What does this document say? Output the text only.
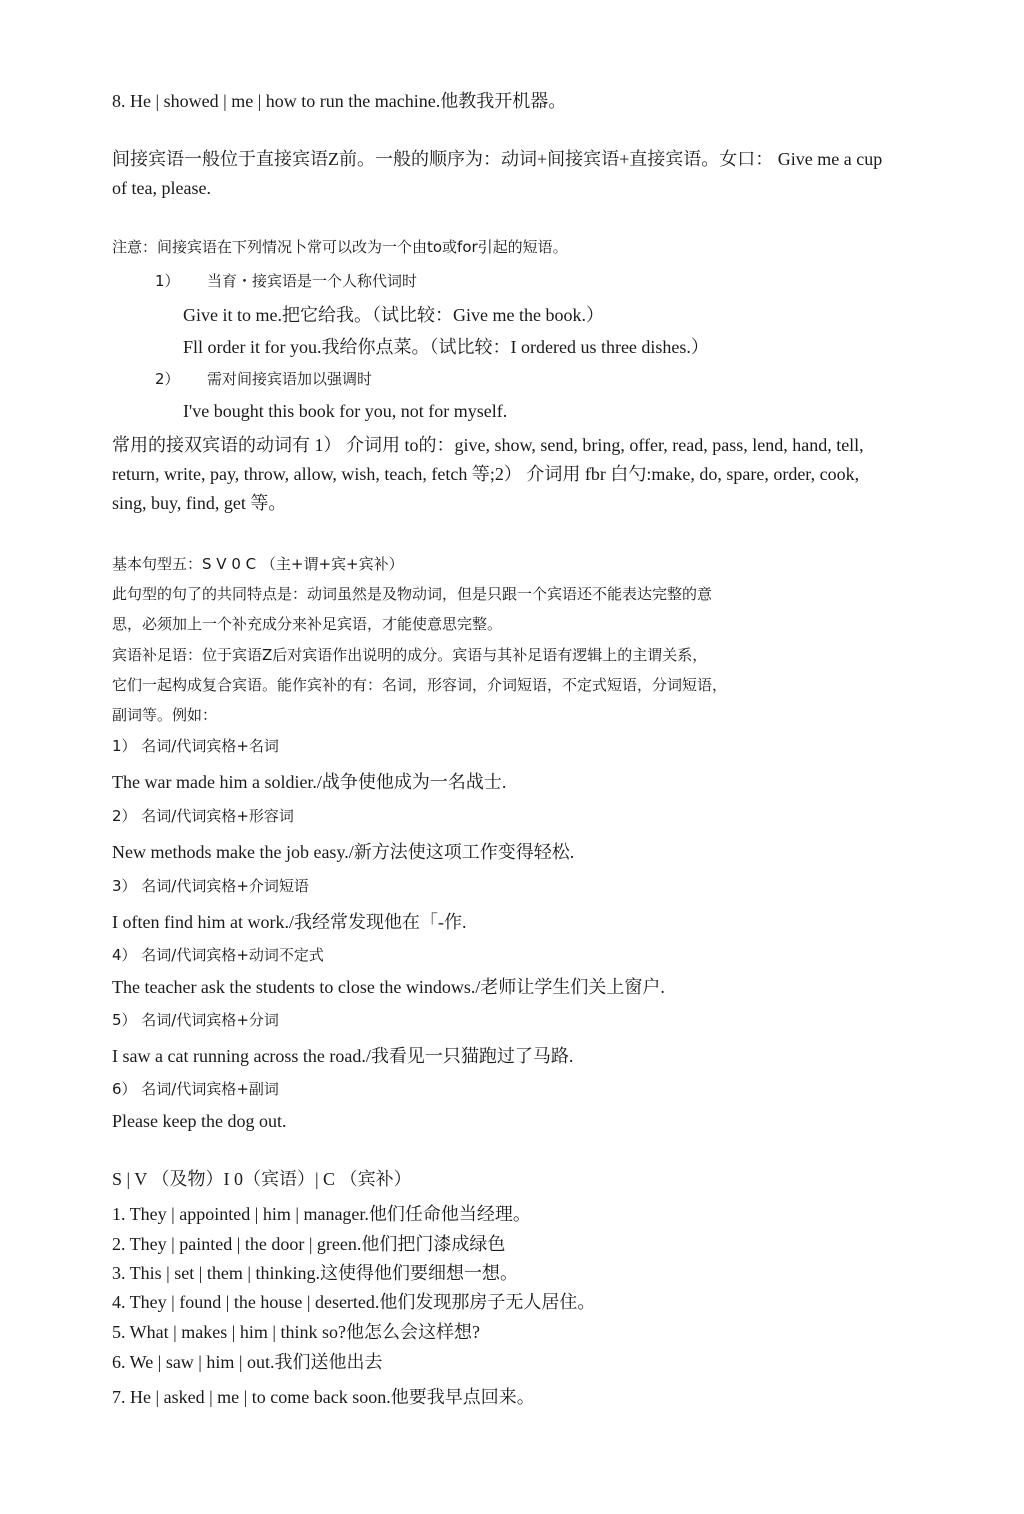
8. He | showed | me | how to run the machine.他教我开机器。
间接宾语一般位于直接宾语Z前。一般的顺序为：动词+间接宾语+直接宾语。女口： Give me a cup of tea, please.
注意：间接宾语在下列情况卜常可以改为一个由to或for引起的短语。
1） 当育・接宾语是一个人称代词时
Give it to me.把它给我。（试比较：Give me the book.）
Fll order it for you.我给你点菜。（试比较：I ordered us three dishes.）
2） 需对间接宾语加以强调时
I've bought this book for you, not for myself.
常用的接双宾语的动词有 1） 介词用 to的：give, show, send, bring, offer, read, pass, lend, hand, tell, return, write, pay, throw, allow, wish, teach, fetch 等;2） 介词用 fbr 白勺:make, do, spare, order, cook, sing, buy, find, get 等。
基本句型五：S V 0 C （主+谓+宾+宾补）
此句型的句了的共同特点是：动词虽然是及物动词，但是只跟一个宾语还不能表达完整的意
思，必须加上一个补充成分来补足宾语，才能使意思完整。
宾语补足语：位于宾语Z后对宾语作出说明的成分。宾语与其补足语有逻辑上的主谓关系，
它们一起构成复合宾语。能作宾补的有：名词，形容词，介词短语，不定式短语，分词短语，
副词等。例如：
1） 名词/代词宾格+名词
The war made him a soldier./战争使他成为一名战士.
2） 名词/代词宾格+形容词
New methods make the job easy./新方法使这项工作变得轻松.
3） 名词/代词宾格+介词短语
I often find him at work./我经常发现他在「-作.
4） 名词/代词宾格+动词不定式
The teacher ask the students to close the windows./老师让学生们关上窗户.
5） 名词/代词宾格+分词
I saw a cat running across the road./我看见一只猫跑过了马路.
6） 名词/代词宾格+副词
Please keep the dog out.
S | V （及物）I 0（宾语）| C （宾补）
1. They | appointed | him | manager.他们任命他当经理。
2. They | painted | the door | green.他们把门漆成绿色
3. This | set | them | thinking.这使得他们要细想一想。
4. They | found | the house | deserted.他们发现那房子无人居住。
5. What | makes | him | think so?他怎么会这样想?
6. We | saw | him | out.我们送他出去
7. He | asked | me | to come back soon.他要我早点回来。
